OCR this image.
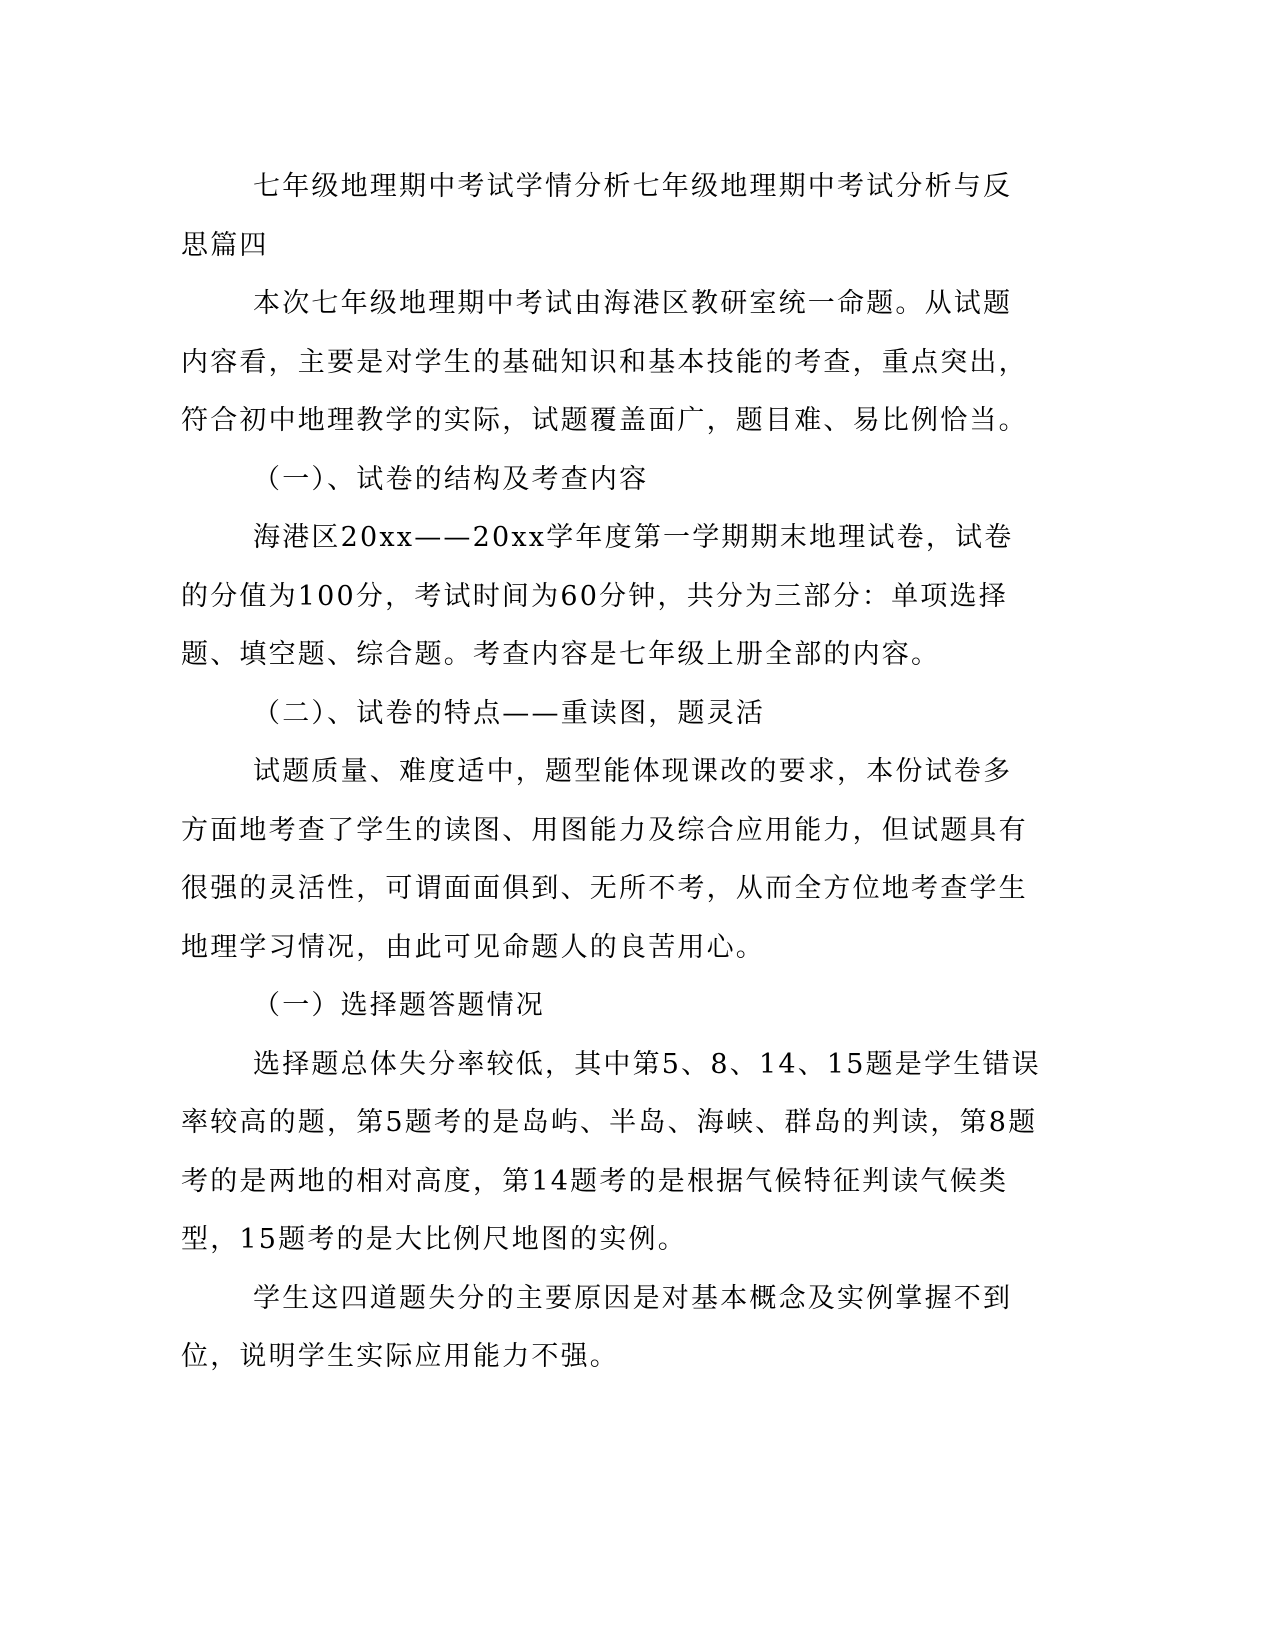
七年级地理期中考试学情分析七年级地理期中考试分析与反思篇四

本次七年级地理期中考试由海港区教研室统一命题。从试题内容看，主要是对学生的基础知识和基本技能的考查，重点突出，符合初中地理教学的实际，试题覆盖面广，题目难、易比例恰当。

（一）、试卷的结构及考查内容

海港区20xx——20xx学年度第一学期期末地理试卷，试卷的分值为100分，考试时间为60分钟，共分为三部分：单项选择题、填空题、综合题。考查内容是七年级上册全部的内容。

（二）、试卷的特点——重读图，题灵活

试题质量、难度适中，题型能体现课改的要求，本份试卷多方面地考查了学生的读图、用图能力及综合应用能力，但试题具有很强的灵活性，可谓面面俱到、无所不考，从而全方位地考查学生地理学习情况，由此可见命题人的良苦用心。

（一）选择题答题情况

选择题总体失分率较低，其中第5、8、14、15题是学生错误率较高的题，第5题考的是岛屿、半岛、海峡、群岛的判读，第8题考的是两地的相对高度，第14题考的是根据气候特征判读气候类型，15题考的是大比例尺地图的实例。

学生这四道题失分的主要原因是对基本概念及实例掌握不到位，说明学生实际应用能力不强。
